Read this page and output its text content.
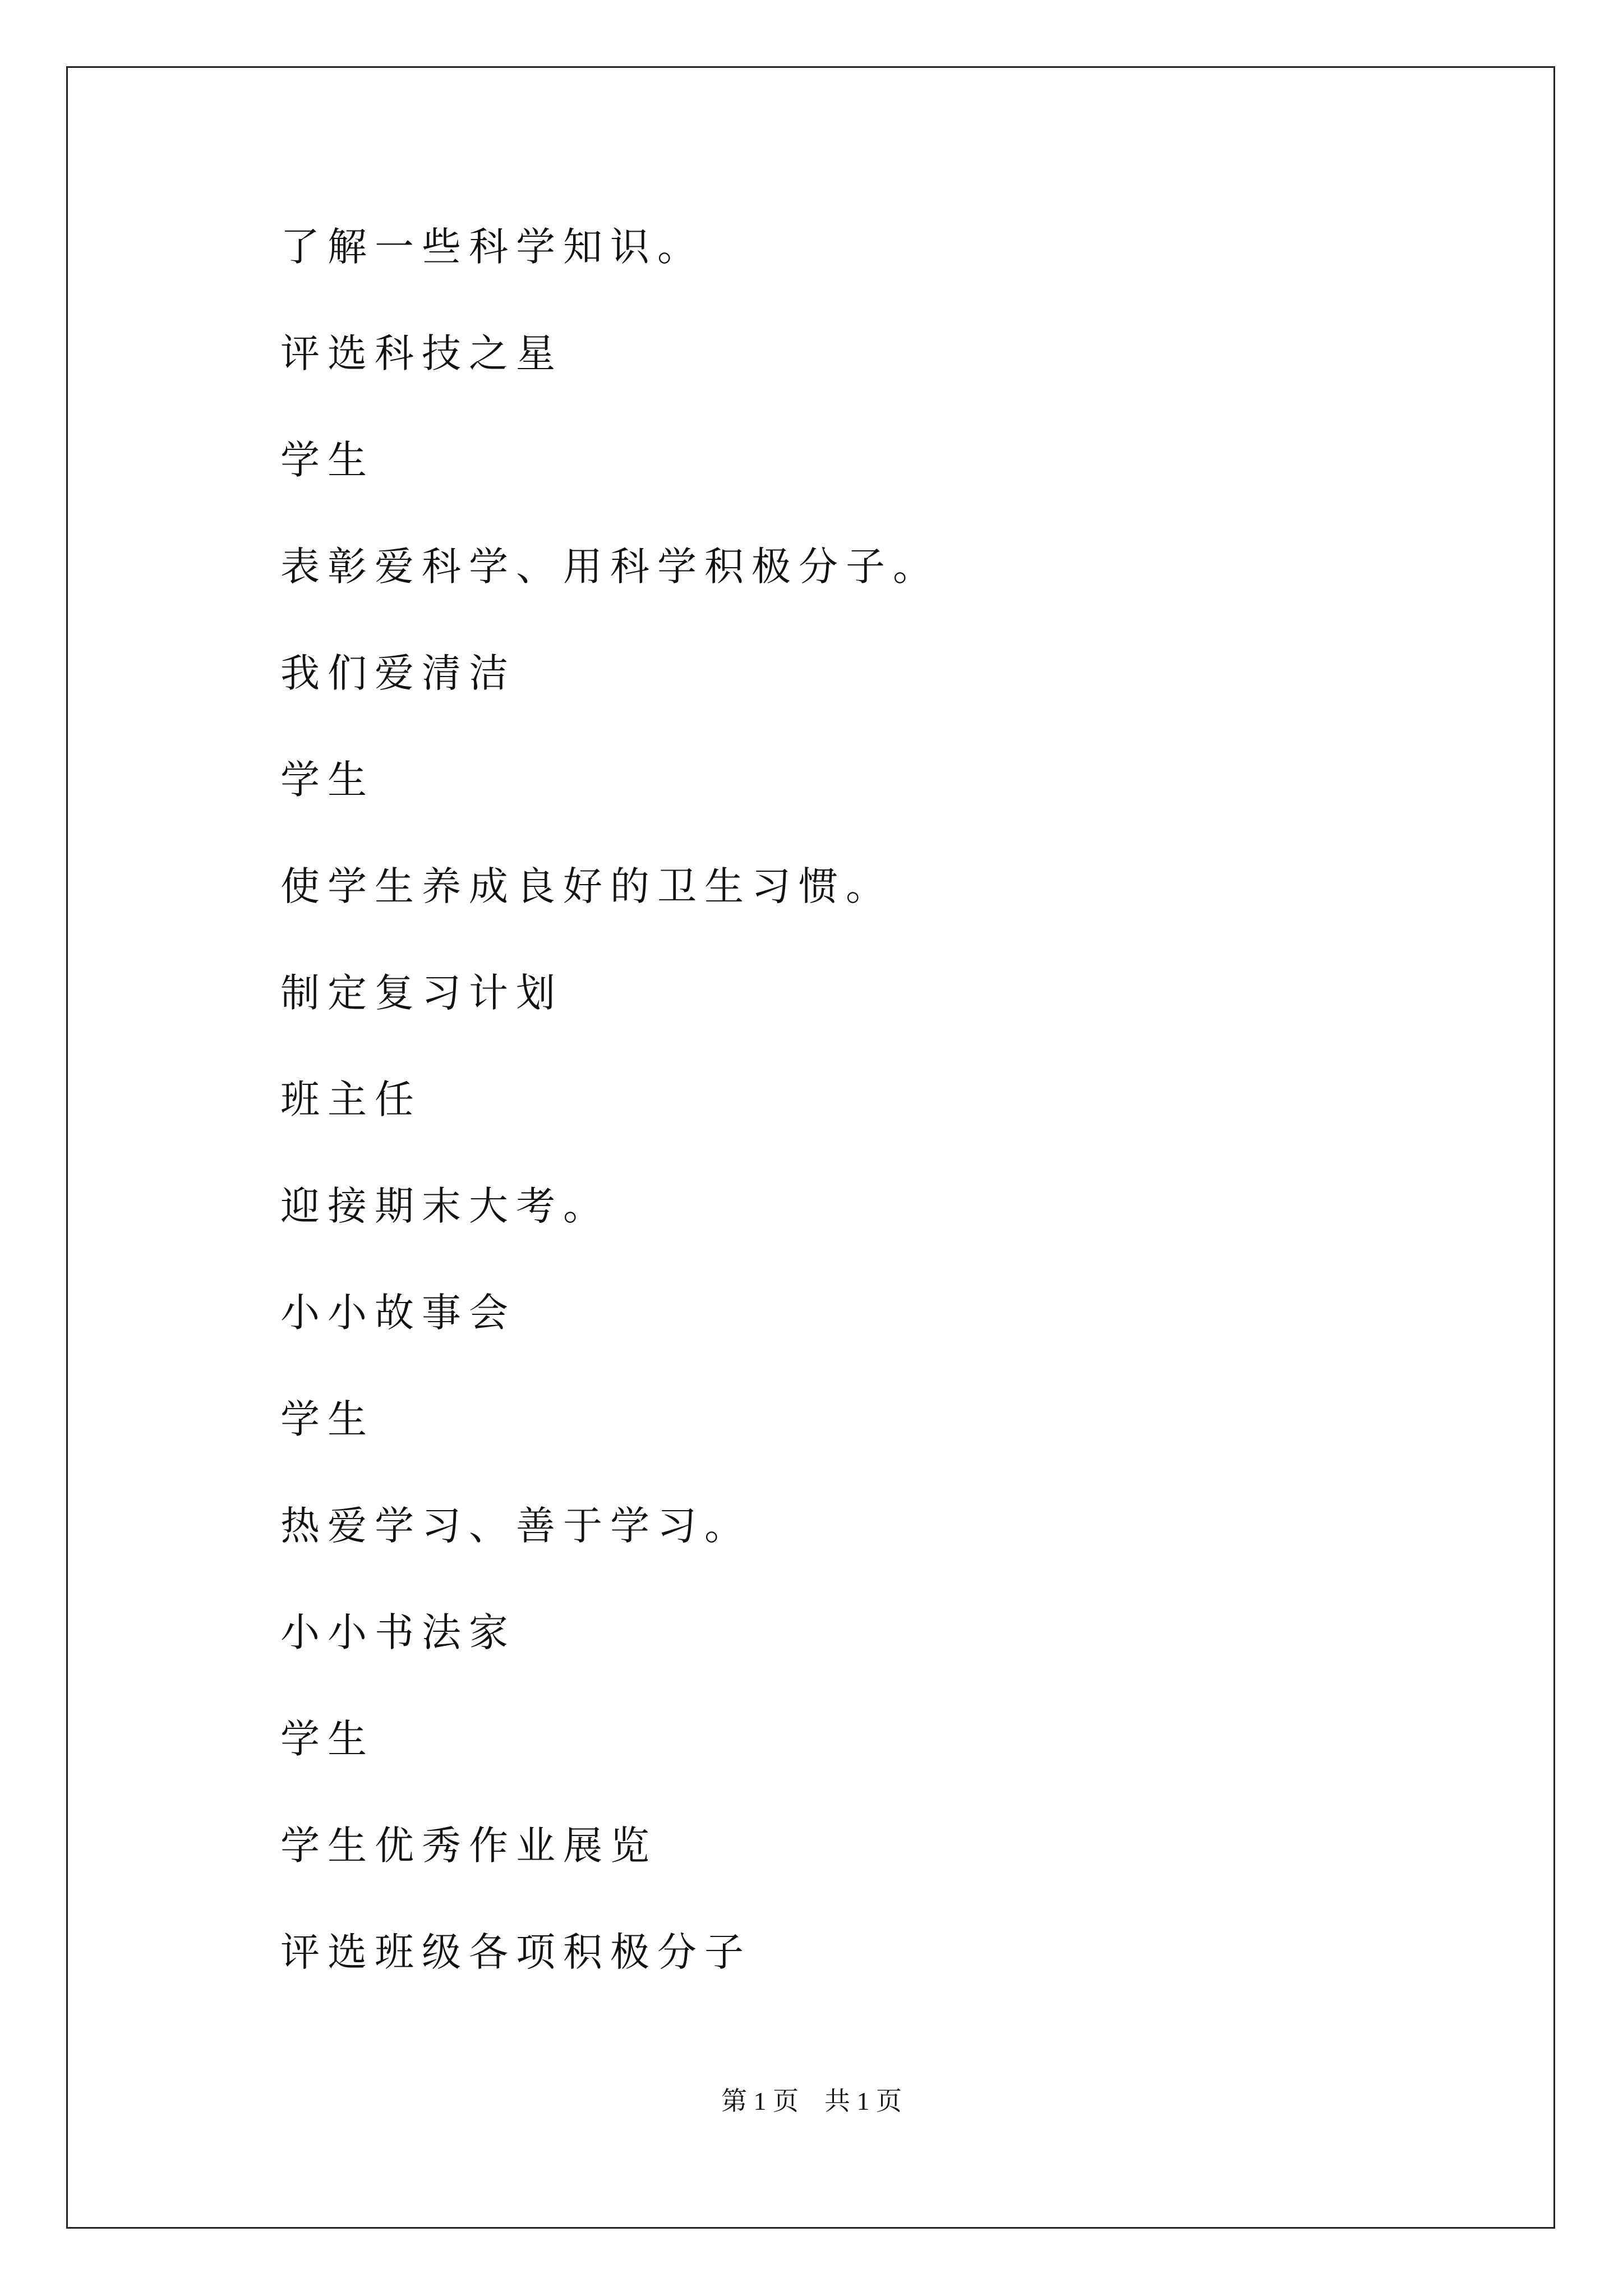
了解一些科学知识。
评选科技之星
学生
表彰爱科学、用科学积极分子。
我们爱清洁
学生
使学生养成良好的卫生习惯。
制定复习计划
班主任
迎接期末大考。
小小故事会
学生
热爱学习、善于学习。
小小书法家
学生
学生优秀作业展览
评选班级各项积极分子
第 1 页 共 1 页
